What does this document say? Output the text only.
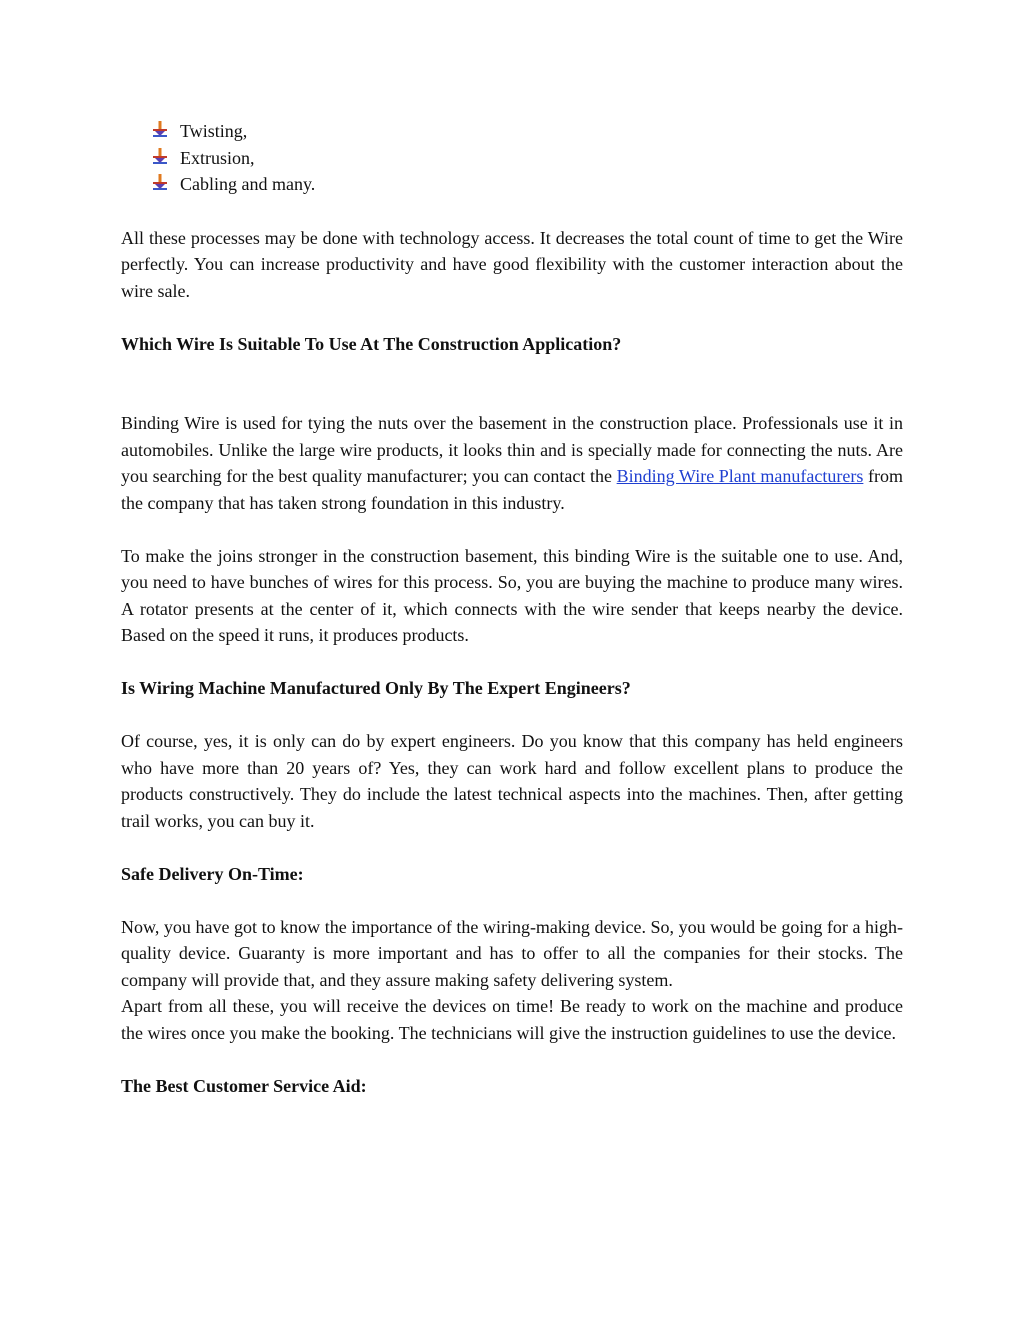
Twisting,
Extrusion,
Cabling and many.

All these processes may be done with technology access. It decreases the total count of time to get the Wire perfectly. You can increase productivity and have good flexibility with the customer interaction about the wire sale.

Which Wire Is Suitable To Use At The Construction Application?

Binding Wire is used for tying the nuts over the basement in the construction place. Professionals use it in automobiles. Unlike the large wire products, it looks thin and is specially made for connecting the nuts. Are you searching for the best quality manufacturer; you can contact the Binding Wire Plant manufacturers from the company that has taken strong foundation in this industry.

To make the joins stronger in the construction basement, this binding Wire is the suitable one to use. And, you need to have bunches of wires for this process. So, you are buying the machine to produce many wires. A rotator presents at the center of it, which connects with the wire sender that keeps nearby the device. Based on the speed it runs, it produces products.

Is Wiring Machine Manufactured Only By The Expert Engineers?

Of course, yes, it is only can do by expert engineers. Do you know that this company has held engineers who have more than 20 years of? Yes, they can work hard and follow excellent plans to produce the products constructively. They do include the latest technical aspects into the machines. Then, after getting trail works, you can buy it.

Safe Delivery On-Time:

Now, you have got to know the importance of the wiring-making device. So, you would be going for a high-quality device. Guaranty is more important and has to offer to all the companies for their stocks. The company will provide that, and they assure making safety delivering system.

Apart from all these, you will receive the devices on time! Be ready to work on the machine and produce the wires once you make the booking. The technicians will give the instruction guidelines to use the device.

The Best Customer Service Aid:
